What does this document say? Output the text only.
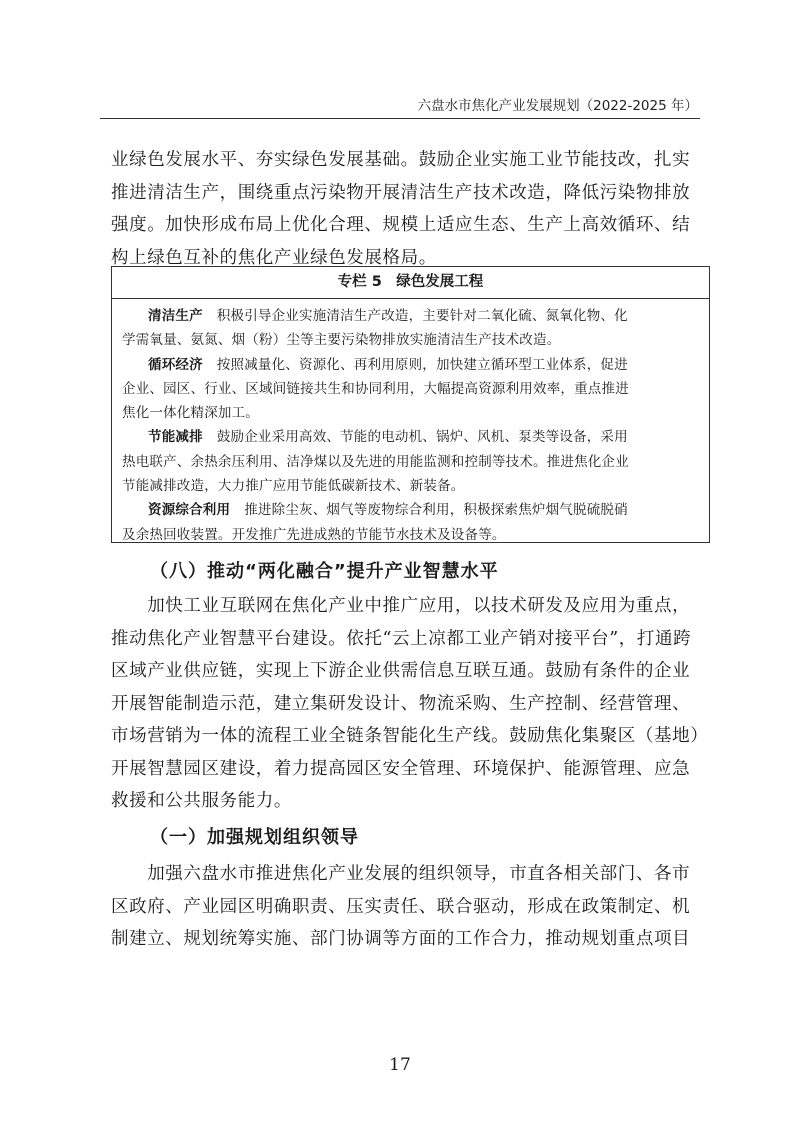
六盘水市焦化产业发展规划（2022-2025 年）

业绿色发展水平、夯实绿色发展基础。鼓励企业实施工业节能技改，扎实
推进清洁生产，围绕重点污染物开展清洁生产技术改造，降低污染物排放
强度。加快形成布局上优化合理、规模上适应生态、生产上高效循环、结
构上绿色互补的焦化产业绿色发展格局。

专栏 5　绿色发展工程
清洁生产 积极引导企业实施清洁生产改造，主要针对二氧化硫、氮氧化物、化
学需氧量、氨氮、烟（粉）尘等主要污染物排放实施清洁生产技术改造。
循环经济 按照减量化、资源化、再利用原则，加快建立循环型工业体系，促进
企业、园区、行业、区域间链接共生和协同利用，大幅提高资源利用效率，重点推进
焦化一体化精深加工。
节能减排 鼓励企业采用高效、节能的电动机、锅炉、风机、泵类等设备，采用
热电联产、余热余压利用、洁净煤以及先进的用能监测和控制等技术。推进焦化企业
节能减排改造，大力推广应用节能低碳新技术、新装备。
资源综合利用 推进除尘灰、烟气等废物综合利用，积极探索焦炉烟气脱硫脱硝
及余热回收装置。开发推广先进成熟的节能节水技术及设备等。
（八）推动“两化融合”提升产业智慧水平

　　加快工业互联网在焦化产业中推广应用，以技术研发及应用为重点，
推动焦化产业智慧平台建设。依托“云上凉都工业产销对接平台”，打通跨
区域产业供应链，实现上下游企业供需信息互联互通。鼓励有条件的企业
开展智能制造示范，建立集研发设计、物流采购、生产控制、经营管理、
市场营销为一体的流程工业全链条智能化生产线。鼓励焦化集聚区（基地）
开展智慧园区建设，着力提高园区安全管理、环境保护、能源管理、应急
救援和公共服务能力。

（一）加强规划组织领导

　　加强六盘水市推进焦化产业发展的组织领导，市直各相关部门、各市
区政府、产业园区明确职责、压实责任、联合驱动，形成在政策制定、机
制建立、规划统筹实施、部门协调等方面的工作合力，推动规划重点项目

17
